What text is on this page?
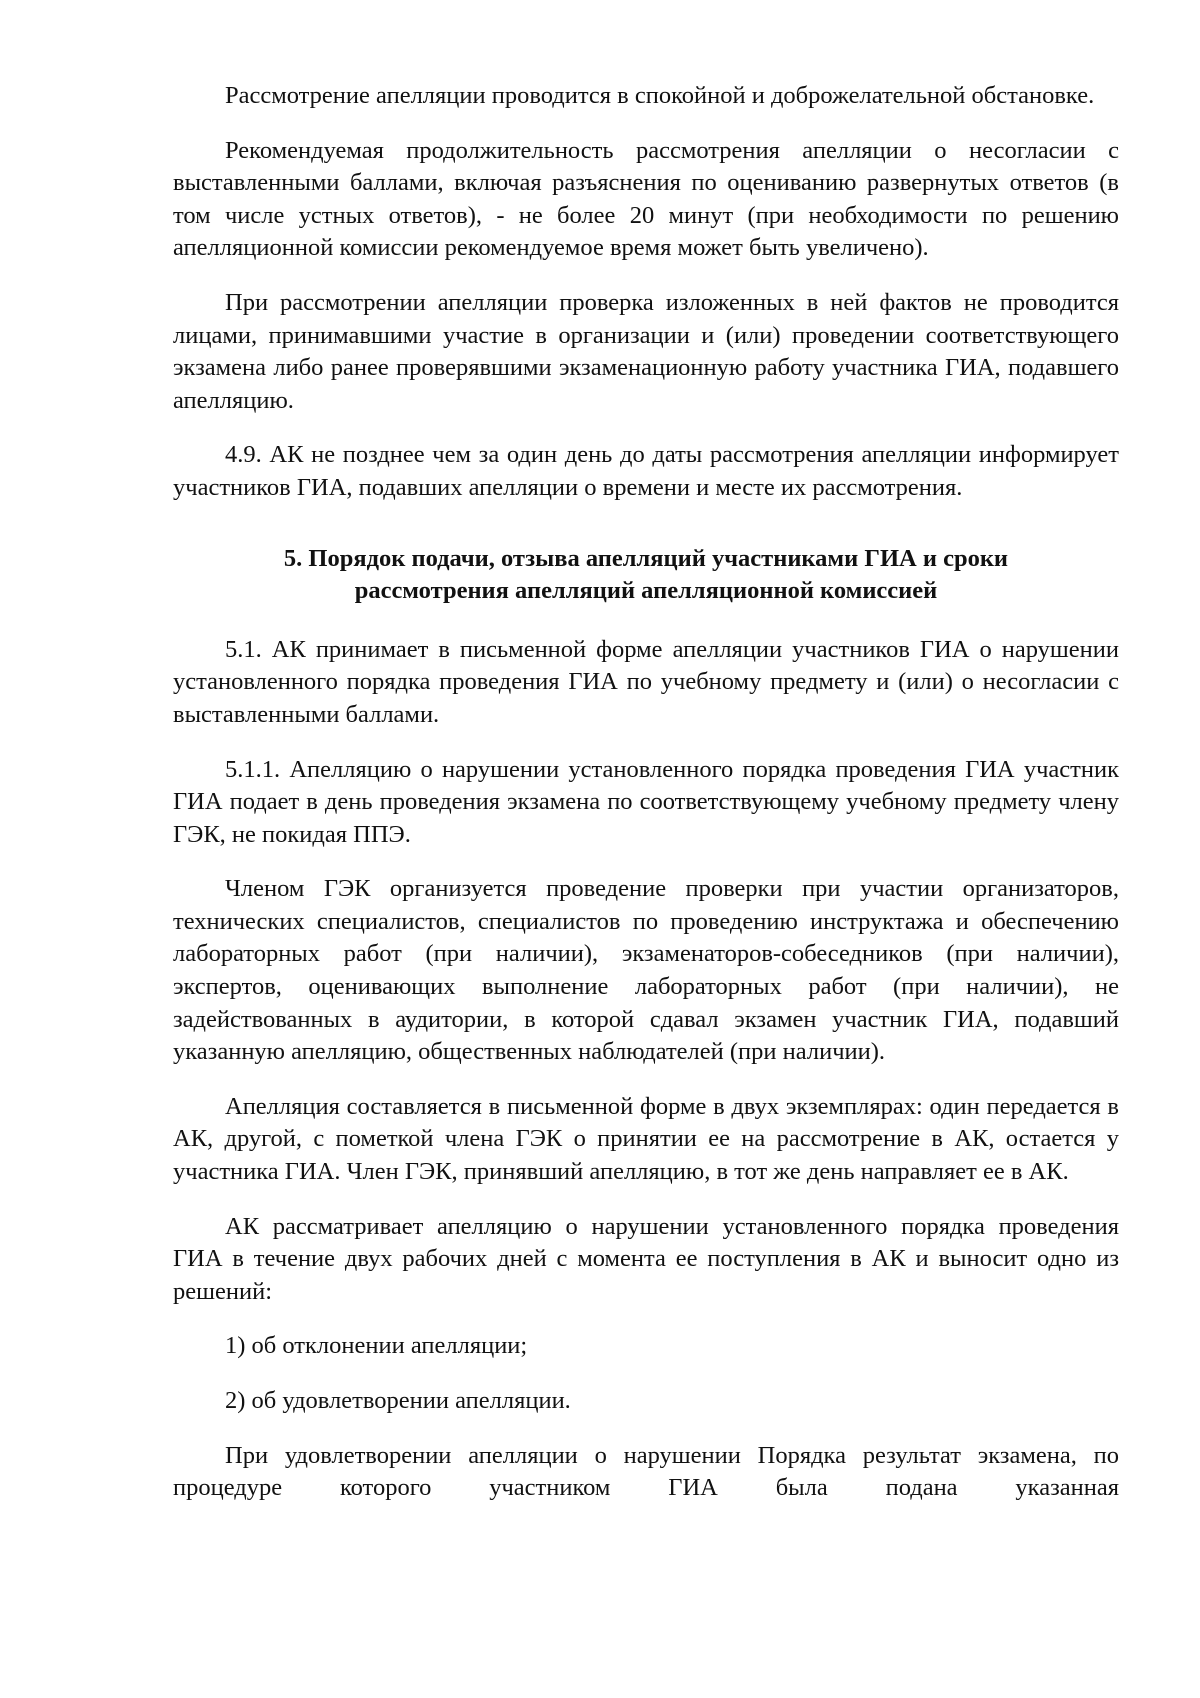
Рассмотрение апелляции проводится в спокойной и доброжелательной обстановке.

Рекомендуемая продолжительность рассмотрения апелляции о несогласии с выставленными баллами, включая разъяснения по оцениванию развернутых ответов (в том числе устных ответов), - не более 20 минут (при необходимости по решению апелляционной комиссии рекомендуемое время может быть увеличено).

При рассмотрении апелляции проверка изложенных в ней фактов не проводится лицами, принимавшими участие в организации и (или) проведении соответствующего экзамена либо ранее проверявшими экзаменационную работу участника ГИА, подавшего апелляцию.

4.9. АК не позднее чем за один день до даты рассмотрения апелляции информирует участников ГИА, подавших апелляции о времени и месте их рассмотрения.

5. Порядок подачи, отзыва апелляций участниками ГИА и сроки рассмотрения апелляций апелляционной комиссией

5.1. АК принимает в письменной форме апелляции участников ГИА о нарушении установленного порядка проведения ГИА по учебному предмету и (или) о несогласии с выставленными баллами.

5.1.1. Апелляцию о нарушении установленного порядка проведения ГИА участник ГИА подает в день проведения экзамена по соответствующему учебному предмету члену ГЭК, не покидая ППЭ.

Членом ГЭК организуется проведение проверки при участии организаторов, технических специалистов, специалистов по проведению инструктажа и обеспечению лабораторных работ (при наличии), экзаменаторов-собеседников (при наличии), экспертов, оценивающих выполнение лабораторных работ (при наличии), не задействованных в аудитории, в которой сдавал экзамен участник ГИА, подавший указанную апелляцию, общественных наблюдателей (при наличии).

Апелляция составляется в письменной форме в двух экземплярах: один передается в АК, другой, с пометкой члена ГЭК о принятии ее на рассмотрение в АК, остается у участника ГИА. Член ГЭК, принявший апелляцию, в тот же день направляет ее в АК.

АК рассматривает апелляцию о нарушении установленного порядка проведения ГИА в течение двух рабочих дней с момента ее поступления в АК и выносит одно из решений:

1) об отклонении апелляции;

2) об удовлетворении апелляции.

При удовлетворении апелляции о нарушении Порядка результат экзамена, по процедуре которого участником ГИА была подана указанная
